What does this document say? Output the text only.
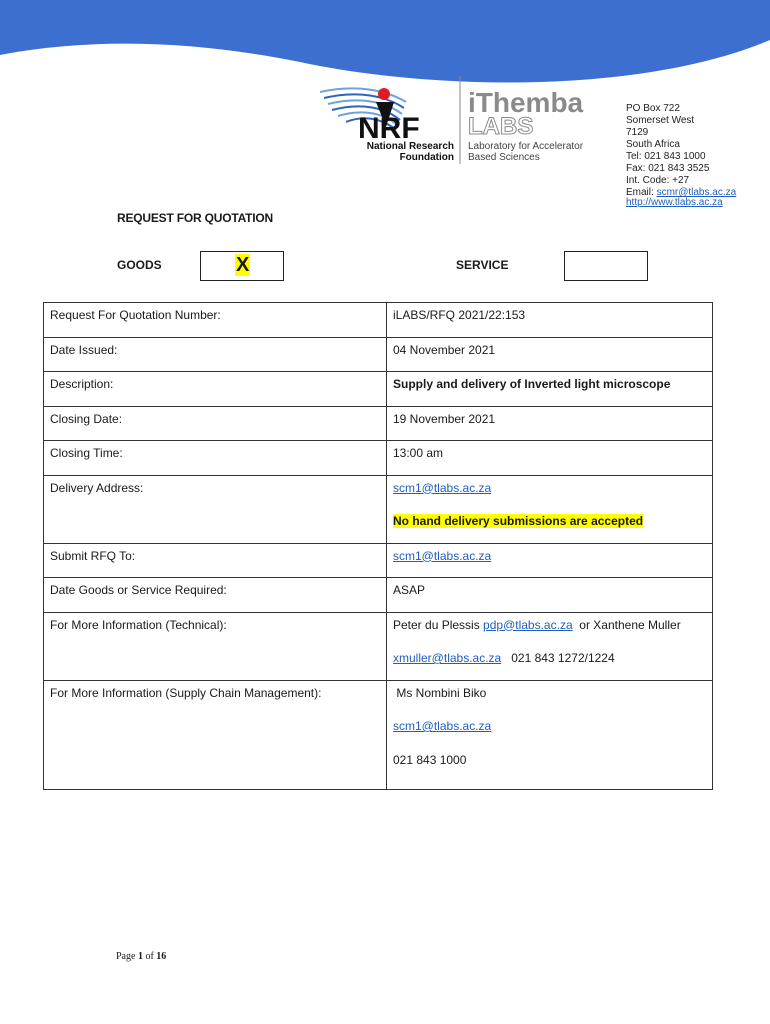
NRF
National Research
Foundation
iThemba
LABS
Laboratory for Accelerator
Based Sciences
PO Box 722
Somerset West
7129
South Africa
Tel: 021 843 1000
Fax: 021 843 3525
Int. Code: +27
Email: scmr@tlabs.ac.za
http://www.tlabs.ac.za
REQUEST FOR QUOTATION
GOODS	X	SERVICE
Request For Quotation Number:	iLABS/RFQ 2021/22:153

Date Issued:	04 November 2021

Description:	Supply and delivery of Inverted light microscope

Closing Date:	19 November 2021

Closing Time:	13:00 am

Delivery Address:	scm1@tlabs.ac.za
No hand delivery submissions are accepted

Submit RFQ To:	scm1@tlabs.ac.za

Date Goods or Service Required:	ASAP

For More Information (Technical):	Peter du Plessis pdp@tlabs.ac.za  or Xanthene Muller
xmuller@tlabs.ac.za   021 843 1272/1224

For More Information (Supply Chain Management):	Ms Nombini Biko
scm1@tlabs.ac.za
021 843 1000
Page 1 of 16
